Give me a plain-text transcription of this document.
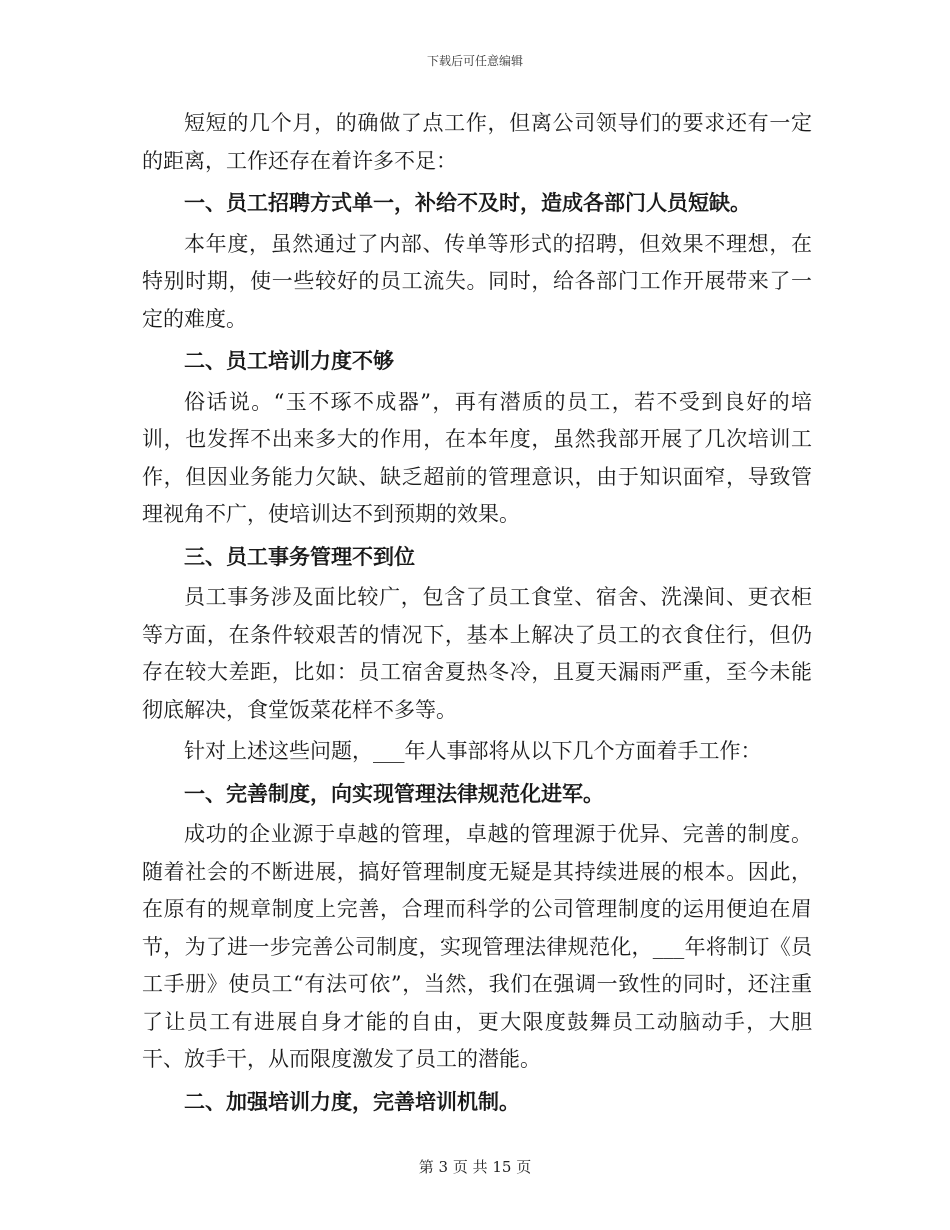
下载后可任意编辑

短短的几个月，的确做了点工作，但离公司领导们的要求还有一定的距离，工作还存在着许多不足：

一、员工招聘方式单一，补给不及时，造成各部门人员短缺。

本年度，虽然通过了内部、传单等形式的招聘，但效果不理想，在特别时期，使一些较好的员工流失。同时，给各部门工作开展带来了一定的难度。

二、员工培训力度不够

俗话说。“玉不琢不成器”，再有潜质的员工，若不受到良好的培训，也发挥不出来多大的作用，在本年度，虽然我部开展了几次培训工作，但因业务能力欠缺、缺乏超前的管理意识，由于知识面窄，导致管理视角不广，使培训达不到预期的效果。

三、员工事务管理不到位

员工事务涉及面比较广，包含了员工食堂、宿舍、洗澡间、更衣柜等方面，在条件较艰苦的情况下，基本上解决了员工的衣食住行，但仍存在较大差距，比如：员工宿舍夏热冬冷，且夏天漏雨严重，至今未能彻底解决，食堂饭菜花样不多等。

针对上述这些问题，___年人事部将从以下几个方面着手工作：

一、完善制度，向实现管理法律规范化进军。

成功的企业源于卓越的管理，卓越的管理源于优异、完善的制度。随着社会的不断进展，搞好管理制度无疑是其持续进展的根本。因此，在原有的规章制度上完善，合理而科学的公司管理制度的运用便迫在眉节，为了进一步完善公司制度，实现管理法律规范化，___年将制订《员工手册》使员工“有法可依”，当然，我们在强调一致性的同时，还注重了让员工有进展自身才能的自由，更大限度鼓舞员工动脑动手，大胆干、放手干，从而限度激发了员工的潜能。

二、加强培训力度，完善培训机制。

第 3 页 共 15 页
